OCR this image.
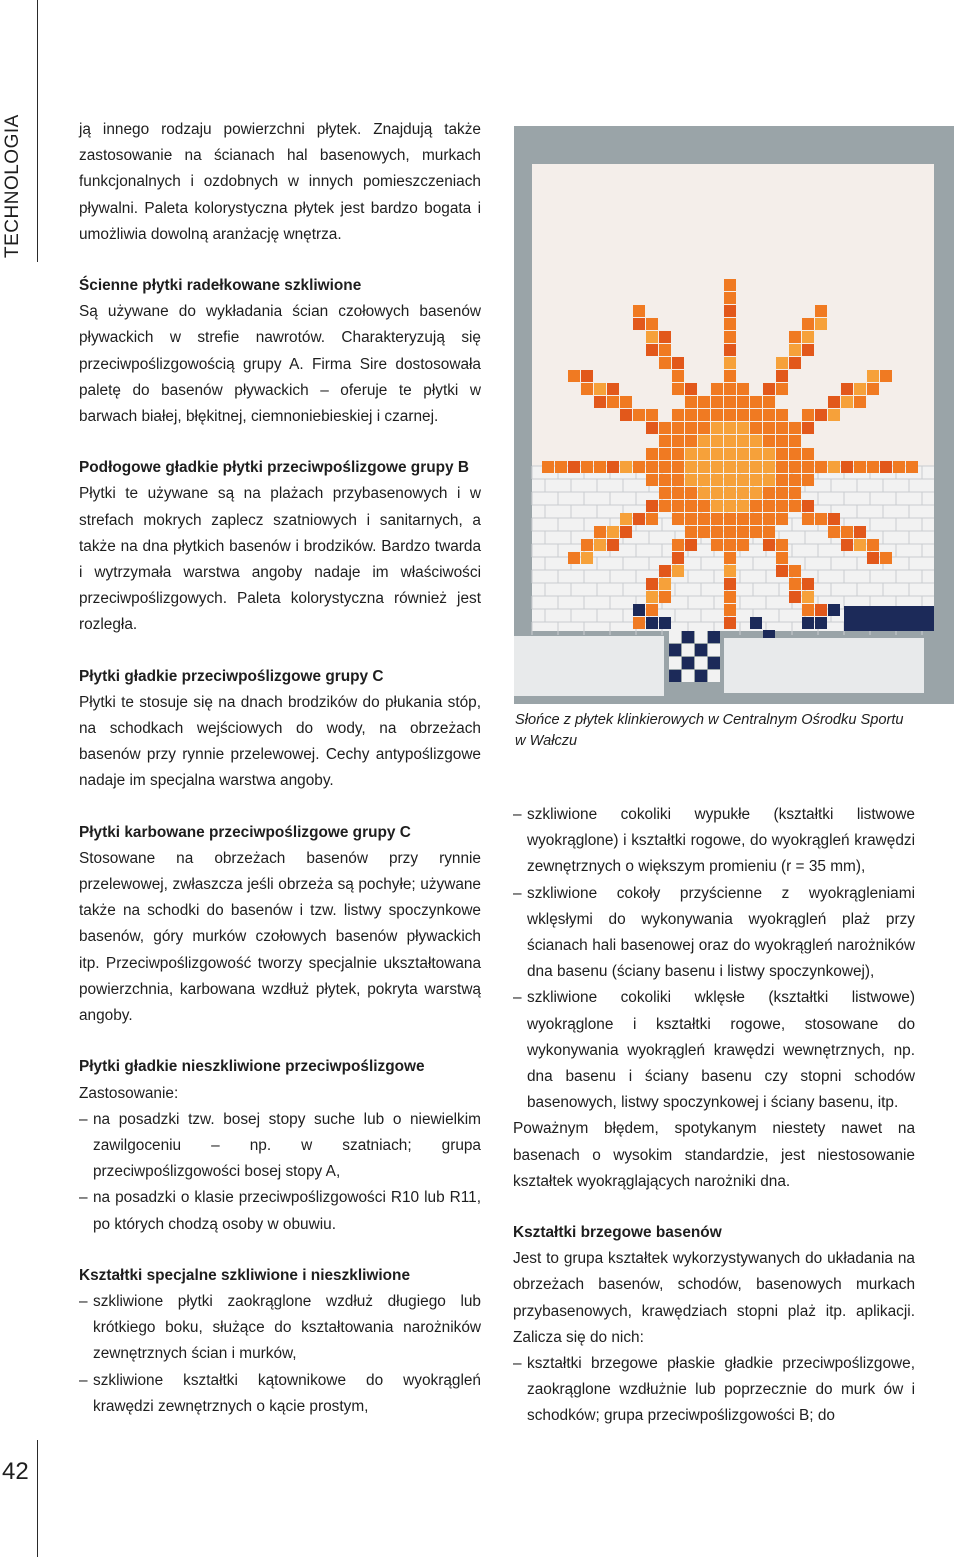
TECHNOLOGIA
42

ją innego rodzaju powierzchni płytek. Znajdują także zastosowanie na ścianach hal basenowych, murkach funkcjonalnych i ozdobnych w innych pomieszczeniach pływalni. Paleta kolorystyczna płytek jest bardzo bogata i umożliwia dowolną aranżację wnętrza.

Ścienne płytki radełkowane szkliwione

Są używane do wykładania ścian czołowych basenów pływackich w strefie nawrotów. Charakteryzują się przeciwpoślizgowością grupy A. Firma Sire dostosowała paletę do basenów pływackich – oferuje te płytki w barwach białej, błękitnej, ciemnoniebieskiej i czarnej.

Podłogowe gładkie płytki przeciwpoślizgowe grupy B

Płytki te używane są na plażach przybasenowych i w strefach mokrych zaplecz szatniowych i sanitarnych, a także na dna płytkich basenów i brodzików. Bardzo twarda i wytrzymała warstwa angoby nadaje im właściwości przeciwpoślizgowych. Paleta kolorystyczna również jest rozległa.

Płytki gładkie przeciwpoślizgowe grupy C

Płytki te stosuje się na dnach brodzików do płukania stóp, na schodkach wejściowych do wody, na obrzeżach basenów przy rynnie przelewowej. Cechy antypoślizgowe nadaje im specjalna warstwa angoby.

Płytki karbowane przeciwpoślizgowe grupy C

Stosowane na obrzeżach basenów przy rynnie przelewowej, zwłaszcza jeśli obrzeża są pochyłe; używane także na schodki do basenów i tzw. listwy spoczynkowe basenów, góry murków czołowych basenów pływackich itp. Przeciwpoślizgowość tworzy specjalnie ukształtowana powierzchnia, karbowana wzdłuż płytek, pokryta warstwą angoby.

Płytki gładkie nieszkliwione przeciwpoślizgowe

Zastosowanie:

– na posadzki tzw. bosej stopy suche lub o niewielkim zawilgoceniu – np. w szatniach; grupa przeciwpoślizgowości bosej stopy A,

– na posadzki o klasie przeciwpoślizgowości R10 lub R11, po których chodzą osoby w obuwiu.

Kształtki specjalne szkliwione i nieszkliwione

– szkliwione płytki zaokrąglone wzdłuż długiego lub krótkiego boku, służące do kształtowania narożników zewnętrznych ścian i murków,

– szkliwione kształtki kątownikowe do wyokrągleń krawędzi zewnętrznych o kącie prostym,

Słońce z płytek klinkierowych w Centralnym Ośrodku Sportu w Wałczu

– szkliwione cokoliki wypukłe (kształtki listwowe wyokrąglone) i kształtki rogowe, do wyokrągleń krawędzi zewnętrznych o większym promieniu (r = 35 mm),

– szkliwione cokoły przyścienne z wyokrągleniami wklęsłymi do wykonywania wyokrągleń plaż przy ścianach hali basenowej oraz do wyokrągleń narożników dna basenu (ściany basenu i listwy spoczynkowej),

– szkliwione cokoliki wklęsłe (kształtki listwowe) wyokrąglone i kształtki rogowe, stosowane do wykonywania wyokrągleń krawędzi wewnętrznych, np. dna basenu i ściany basenu czy stopni schodów basenowych, listwy spoczynkowej i ściany basenu, itp.

Poważnym błędem, spotykanym niestety nawet na basenach o wysokim standardzie, jest niestosowanie kształtek wyokrąglających narożniki dna.

Kształtki brzegowe basenów

Jest to grupa kształtek wykorzystywanych do układania na obrzeżach basenów, schodów, basenowych murkach przybasenowych, krawędziach stopni plaż itp. aplikacji. Zalicza się do nich:

– kształtki brzegowe płaskie gładkie przeciwpoślizgowe, zaokrąglone wzdłużnie lub poprzecznie do murk ów i schodków; grupa przeciwpoślizgowości B; do
